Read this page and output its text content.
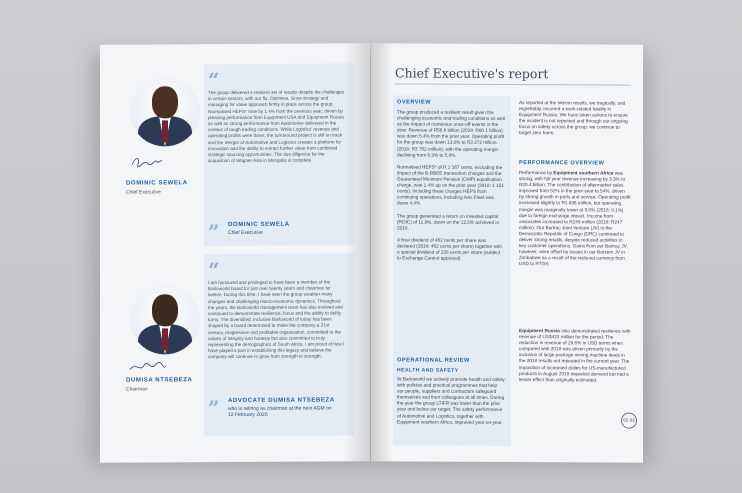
DOMINIC SEWELA
Chief Executive
“
The group delivered a resilient set of results despite the challenges in certain sectors, with our flu, Optimise, Grow strategy and managing for value approach firmly in place across the group. Normalised HEPS* rose by 1.4% from the previous year, driven by pleasing performance from Equipment USA and Equipment Russia as well as strong performance from Automotive delivered in the context of tough trading conditions. While Logistics' revenue and operating profits were down, the turnaround project is still on track and the merger of Automotive and Logistics creates a platform for innovation and the ability to extract further value from combined strategic sourcing opportunities. The due diligence for the acquisition of Wagner Asia in Mongolia is complete.
” DOMINIC SEWELA
Chief Executive
DUMISA NTSEBEZA
Chairman
“
I am honoured and privileged to have been a member of the Barloworld board for just over twenty years and chairman for twelve. During this time, I have seen the group weather many changes and challenging macro-economic dynamics. Throughout the years, the Barloworld management team has also evolved and continued to demonstrate resilience, focus and the ability to deftly turns. The diversified, inclusive Barloworld of today has been shaped by a board determined to make the company a 21st century, progressive and profitable organisation, committed to the values of integrity and honesty but also committed to truly representing the demographics of South Africa. I am proud of how I have played a part in establishing this legacy and believe the company will continue to grow from strength to strength.
” ADVOCATE DUMISA NTSEBEZA
who is retiring as chairman at the next AGM on 12 February 2020
Chief Executive's report
OVERVIEW
The group produced a resilient result given the challenging economic and trading conditions as well as the impact of numerous once-off events in the year. Revenue of R56.8 billion (2018: R60.1 billion) was down 5.4% from the prior year. Operating profit for the group was down 13.0% to R3 272 million (2018: R3 762 million), with the operating margin declining from 6.3% to 5.8%.

Normalised HEPS* of R 1 167 cents, excluding the impact of the B-BBEE transaction charges and the Guaranteed Minimum Pension (GMP) equalisation charge, was 1.4% up on the prior year (2018: 1 151 cents). Including these charges HEPS from continuing operations, including Avis Fleet was down 4.4%.

The group generated a return on invested capital (ROIC) of 11.9%, down on the 12.5% achieved in 2018.

A final dividend of 462 cents per share was declared (2018: 462 cents per share) together with a special dividend of 228 cents per share (subject to Exchange Control approval).
OPERATIONAL REVIEW
HEALTH AND SAFETY
At Barloworld we actively promote health and safety with policies and practical programmes that help our people, suppliers and contractors safeguard themselves and their colleagues at all times. During the year the group LTIFR was lower than the prior year and below our target. The safety performance of Automotive and Logistics, together with Equipment southern Africa, improved year-on-year.
As reported at the interim results, we tragically, and regrettably, incurred a work-related fatality in Equipment Russia. We have taken actions to ensure the incident is not repeated and through our ongoing focus on safety across the group, we continue to target zero harm.
PERFORMANCE OVERVIEW
Performance by Equipment southern Africa was strong, with full year revenue increasing by 3.3% to R20.4 billion. The contribution of aftermarket sales improved from 52% in the prior year to 54%, driven by strong growth in parts and service. Operating profit increased slightly to R1 836 million, but operating margin was marginally lower at 9.0% (2018: 9.1%) due to foreign exchange impact. Income from associates increased to R249 million (2018: R247 million). Our Bartrac Joint Venture (JV) in the Democratic Republic of Congo (DRC) continued to deliver strong results, despite reduced activities in key customer operations. Gains from our Bartrac JV, however, were offset by losses in our Barzem JV in Zimbabwe as a result of the reduced currency from USD to RTGS.
Equipment Russia also demonstrated resilience with revenue of US$433 million for the period. The reduction in revenue of 28.6% in USD terms when compared with 2018 was driven primarily by the inclusion of large package mining machine deals in the 2018 results not repeated in the current year. The imposition of increased duties for US-manufactured products in August 2018 impacted demand but had a lesser effect than originally estimated.
02 03
